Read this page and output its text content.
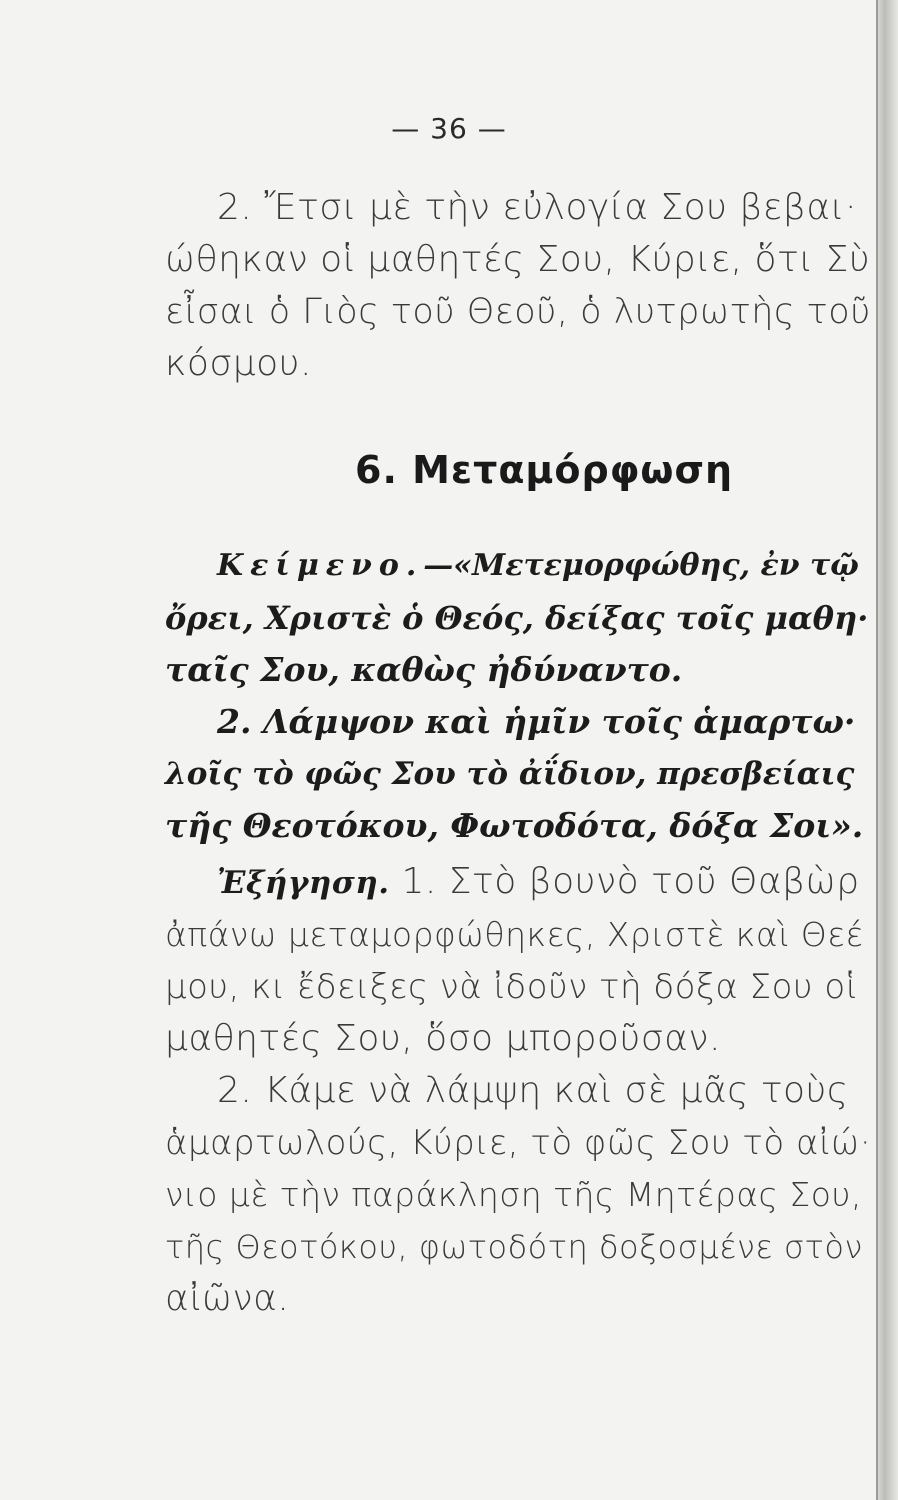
— 36 —
2. Ἔτσι μὲ τὴν εὐλογία Σου βεβαι·
ώθηκαν οἱ μαθητές Σου, Κύριε, ὅτι Σὺ
εἶσαι ὁ Γιὸς τοῦ Θεοῦ, ὁ λυτρωτὴς τοῦ
κόσμου.
6. Μεταμόρφωση
Κείμενο.—«Μετεμορφώθης, ἐν τῷ
ὄρει, Χριστὲ ὁ Θεός, δείξας τοῖς μαθη·
ταῖς Σου, καθὼς ἠδύναντο.
2. Λάμψον καὶ ἡμῖν τοῖς ἁμαρτω·
λοῖς τὸ φῶς Σου τὸ ἀΐδιον, πρεσβείαις
τῆς Θεοτόκου, Φωτοδότα, δόξα Σοι».
Ἐξήγηση. 1. Στὸ βουνὸ τοῦ Θαβὼρ
ἀπάνω μεταμορφώθηκες, Χριστὲ καὶ Θεέ
μου, κι ἔδειξες νὰ ἰδοῦν τὴ δόξα Σου οἱ
μαθητές Σου, ὅσο μποροῦσαν.
2. Κάμε νὰ λάμψη καὶ σὲ μᾶς τοὺς
ἁμαρτωλούς, Κύριε, τὸ φῶς Σου τὸ αἰώ·
νιο μὲ τὴν παράκληση τῆς Μητέρας Σου,
τῆς Θεοτόκου, φωτοδότη δοξοσμένε στὸν
αἰῶνα.
